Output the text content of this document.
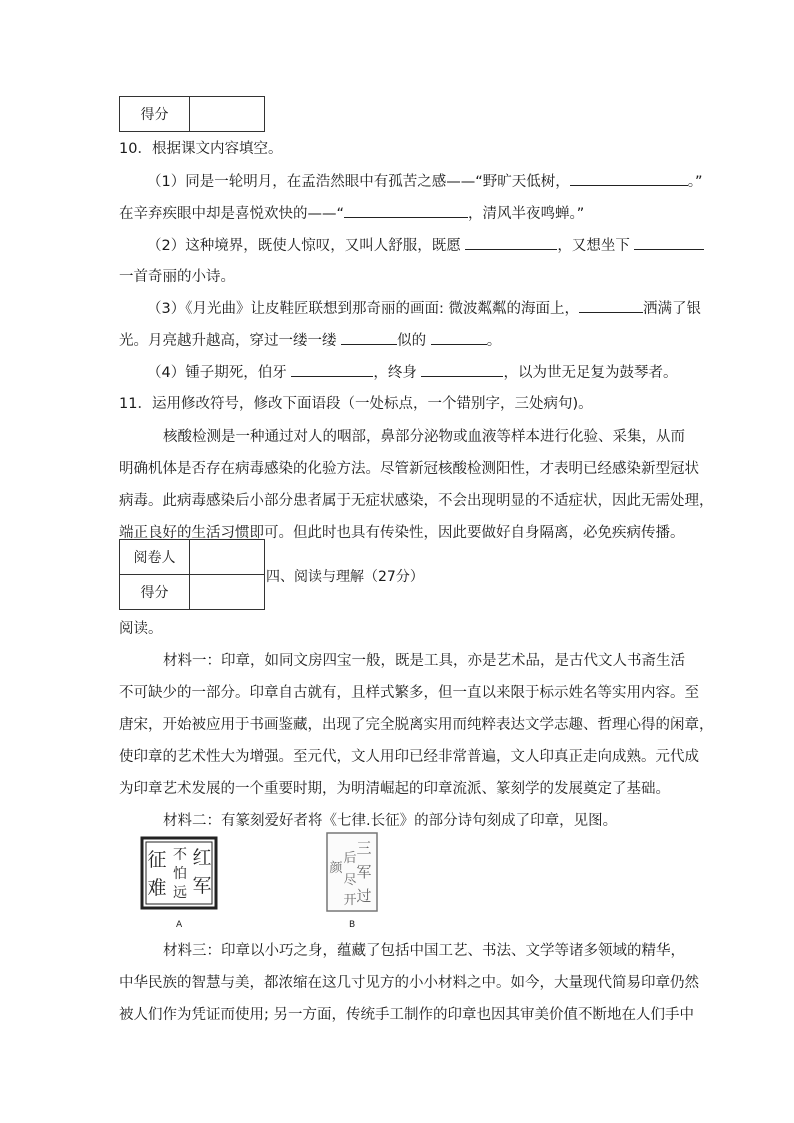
得分	
10．根据课文内容填空。
（1）同是一轮明月，在孟浩然眼中有孤苦之感——“野旷天低树，	。”
在辛弃疾眼中却是喜悦欢快的——“	，清风半夜鸣蝉。”
（2）这种境界，既使人惊叹，又叫人舒服，既愿	，又想坐下
一首奇丽的小诗。
（3）《月光曲》让皮鞋匠联想到那奇丽的画面: 微波粼粼的海面上，	洒满了银
光。月亮越升越高，穿过一缕一缕	似的	。
（4）锺子期死，伯牙	，终身	，以为世无足复为鼓琴者。
11．运用修改符号，修改下面语段（一处标点，一个错别字，三处病句)。
核酸检测是一种通过对人的咽部，鼻部分泌物或血液等样本进行化验、采集，从而
明确机体是否存在病毒感染的化验方法。尽管新冠核酸检测阳性，才表明已经感染新型冠状
病毒。此病毒感染后小部分患者属于无症状感染，不会出现明显的不适症状，因此无需处理，
端正良好的生活习惯即可。但此时也具有传染性，因此要做好自身隔离，必免疾病传播。
阅卷人	
得分	
四、阅读与理解（27分）
阅读。
材料一：印章，如同文房四宝一般，既是工具，亦是艺术品，是古代文人书斋生活
不可缺少的一部分。印章自古就有，且样式繁多，但一直以来限于标示姓名等实用内容。至
唐宋，开始被应用于书画鉴藏，出现了完全脱离实用而纯粹表达文学志趣、哲理心得的闲章，
使印章的艺术性大为增强。至元代，文人用印已经非常普遍，文人印真正走向成熟。元代成
为印章艺术发展的一个重要时期，为明清崛起的印章流派、篆刻学的发展奠定了基础。
材料二：有篆刻爱好者将《七律.长征》的部分诗句刻成了印章，见图。
红
军
不
怕
远
征
难
A
三
军
过
后
尽
开
颜
B
材料三：印章以小巧之身，蕴藏了包括中国工艺、书法、文学等诸多领域的精华，
中华民族的智慧与美，都浓缩在这几寸见方的小小材料之中。如今，大量现代简易印章仍然
被人们作为凭证而使用; 另一方面，传统手工制作的印章也因其审美价值不断地在人们手中
